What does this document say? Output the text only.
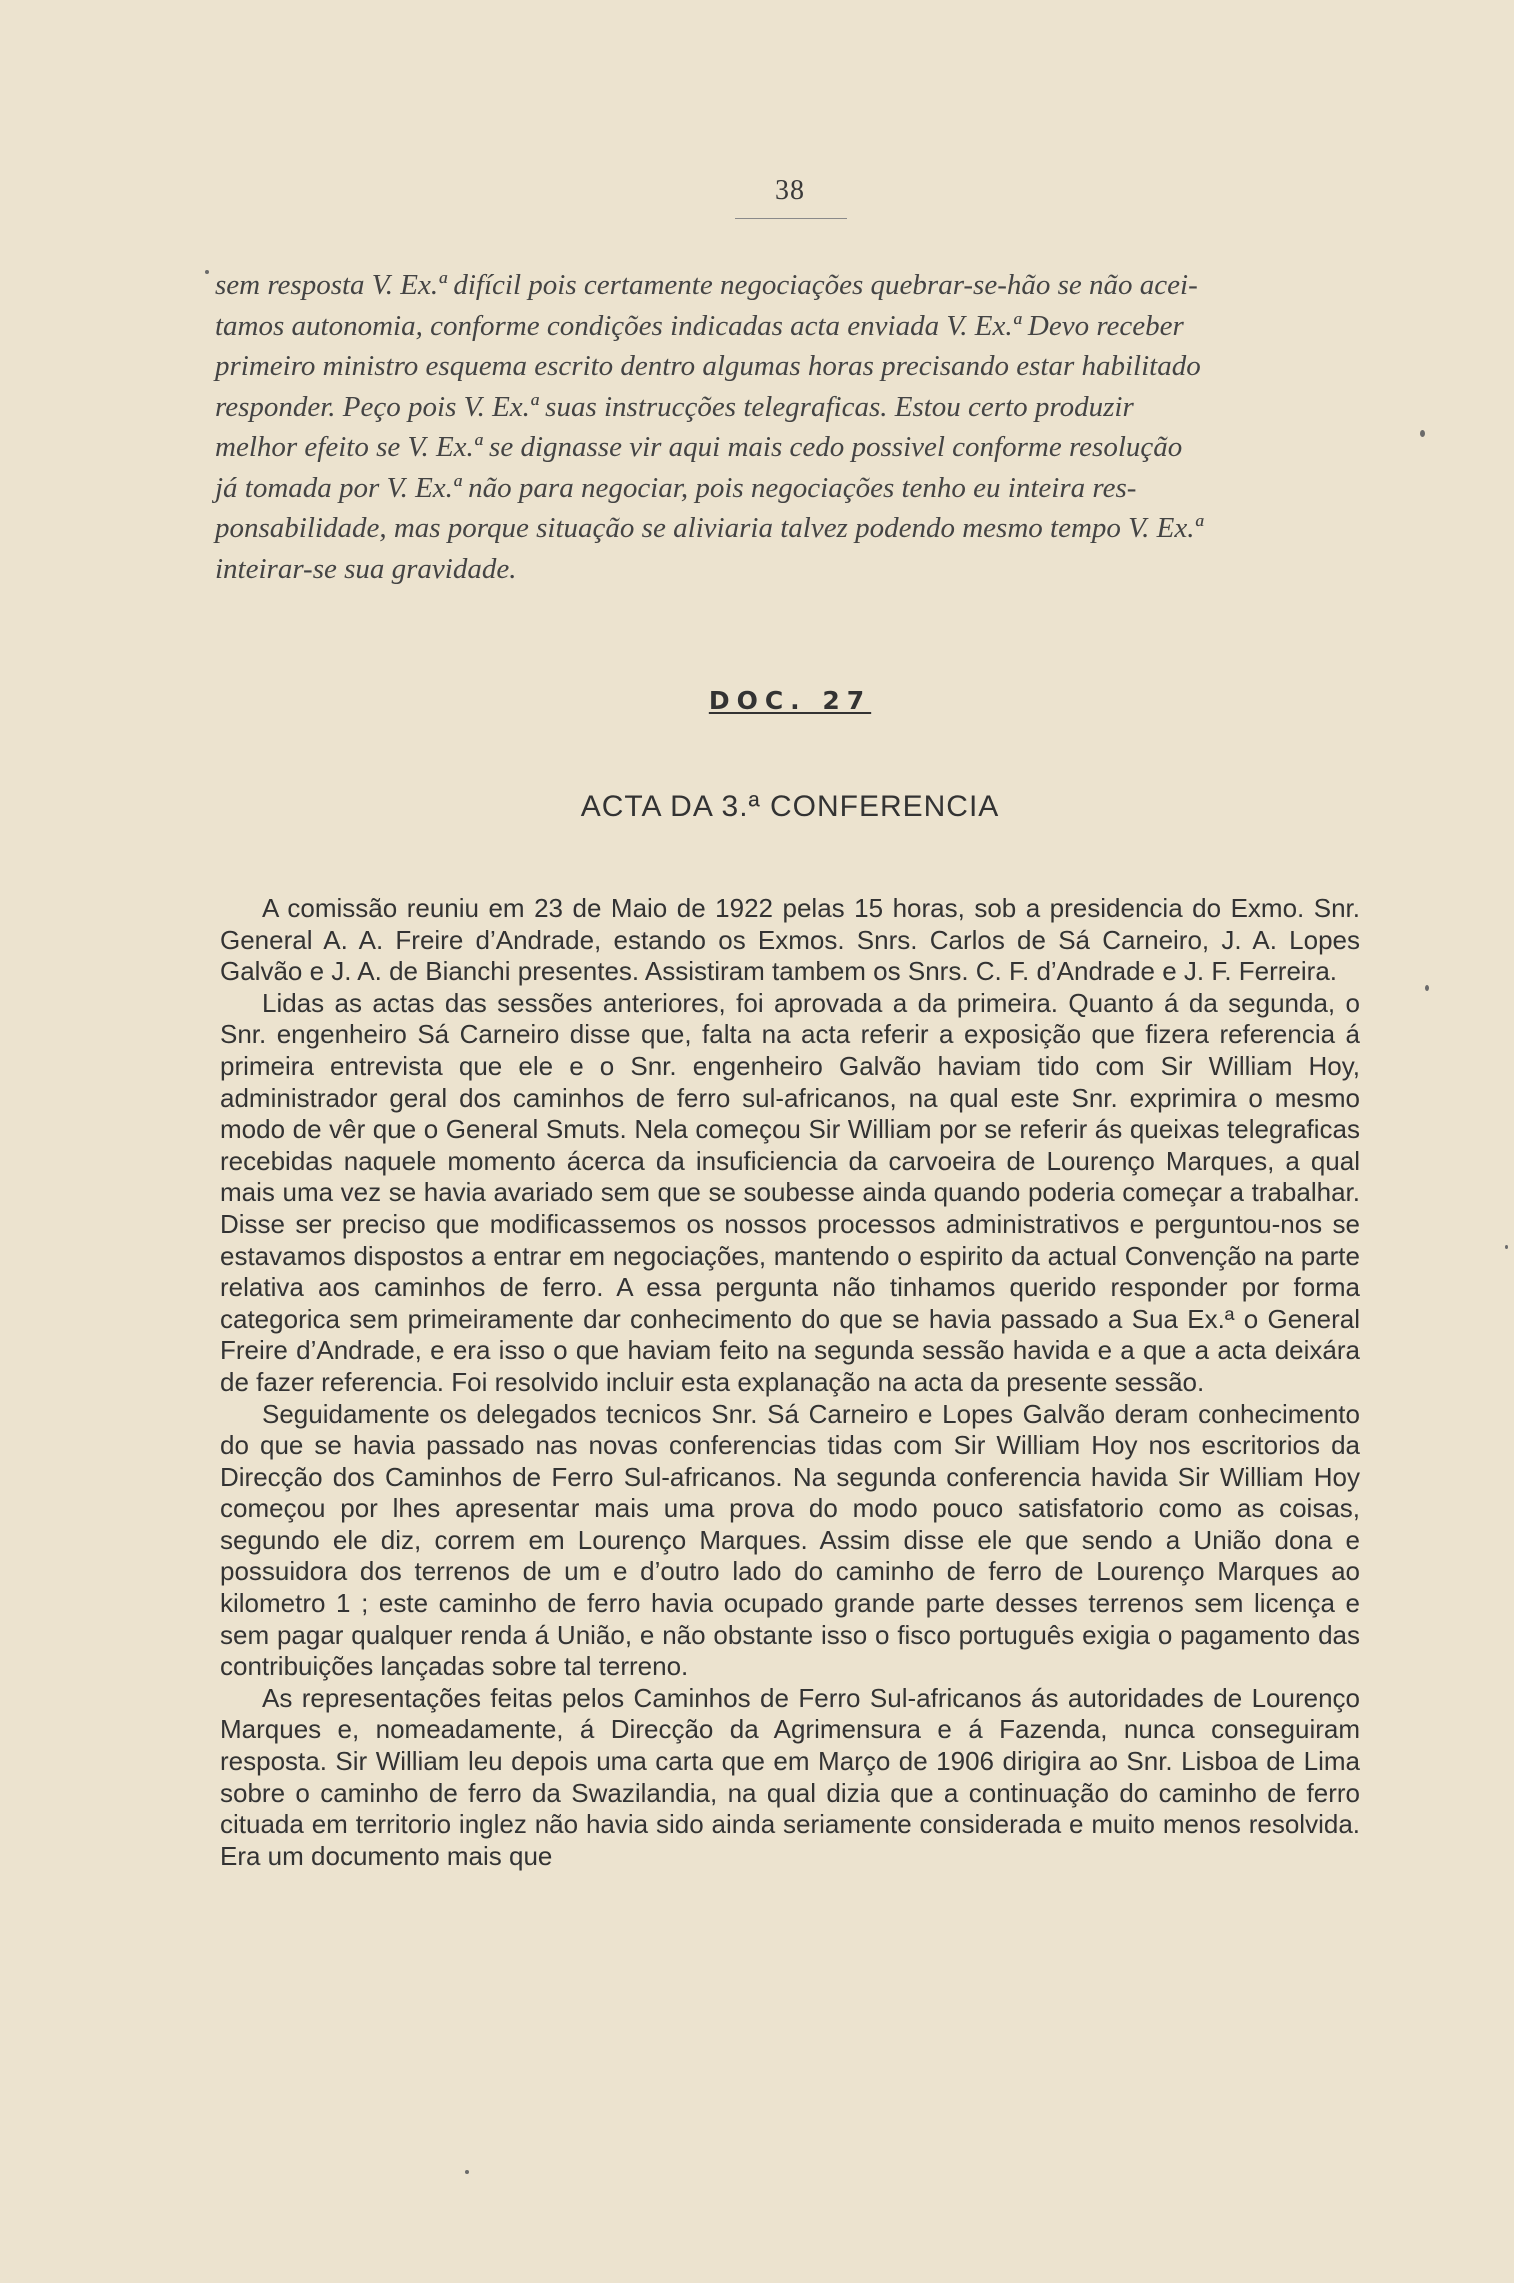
38

sem resposta V. Ex.ª difícil pois certamente negociações quebrar-se-hão se não acei-

tamos autonomia, conforme condições indicadas acta enviada V. Ex.ª Devo receber

primeiro ministro esquema escrito dentro algumas horas precisando estar habilitado

responder. Peço pois V. Ex.ª suas instrucções telegraficas. Estou certo produzir

melhor efeito se V. Ex.ª se dignasse vir aqui mais cedo possivel conforme resolução

já tomada por V. Ex.ª não para negociar, pois negociações tenho eu inteira res-

ponsabilidade, mas porque situação se aliviaria talvez podendo mesmo tempo V. Ex.ª

inteirar-se sua gravidade.

DOC. 27
ACTA DA 3.ª CONFERENCIA

A comissão reuniu em 23 de Maio de 1922 pelas 15 horas, sob a presidencia do Exmo. Snr. General A. A. Freire d’Andrade, estando os Exmos. Snrs. Carlos de Sá Carneiro, J. A. Lopes Galvão e J. A. de Bianchi presentes. Assistiram tambem os Snrs. C. F. d’Andrade e J. F. Ferreira.

Lidas as actas das sessões anteriores, foi aprovada a da primeira. Quanto á da segunda, o Snr. engenheiro Sá Carneiro disse que, falta na acta referir a exposição que fizera referencia á primeira entrevista que ele e o Snr. engenheiro Galvão haviam tido com Sir William Hoy, administrador geral dos caminhos de ferro sul-africanos, na qual este Snr. exprimira o mesmo modo de vêr que o General Smuts. Nela começou Sir William por se referir ás queixas telegraficas recebidas naquele momento ácerca da insuficiencia da carvoeira de Lourenço Marques, a qual mais uma vez se havia avariado sem que se soubesse ainda quando poderia começar a trabalhar. Disse ser preciso que modificassemos os nossos processos administrativos e perguntou-nos se estavamos dispostos a entrar em negociações, mantendo o espirito da actual Convenção na parte relativa aos caminhos de ferro. A essa pergunta não tinhamos querido responder por forma categorica sem primeiramente dar conhecimento do que se havia passado a Sua Ex.ª o General Freire d’Andrade, e era isso o que haviam feito na segunda sessão havida e a que a acta deixára de fazer referencia. Foi resolvido incluir esta explanação na acta da presente sessão.

Seguidamente os delegados tecnicos Snr. Sá Carneiro e Lopes Galvão deram conhecimento do que se havia passado nas novas conferencias tidas com Sir William Hoy nos escritorios da Direcção dos Caminhos de Ferro Sul-africanos. Na segunda conferencia havida Sir William Hoy começou por lhes apresentar mais uma prova do modo pouco satisfatorio como as coisas, segundo ele diz, correm em Lourenço Marques. Assim disse ele que sendo a União dona e possuidora dos terrenos de um e d’outro lado do caminho de ferro de Lourenço Marques ao kilometro 1 ; este caminho de ferro havia ocupado grande parte desses terrenos sem licença e sem pagar qualquer renda á União, e não obstante isso o fisco português exigia o pagamento das contribuições lançadas sobre tal terreno.

As representações feitas pelos Caminhos de Ferro Sul-africanos ás autoridades de Lourenço Marques e, nomeadamente, á Direcção da Agrimensura e á Fazenda, nunca conseguiram resposta. Sir William leu depois uma carta que em Março de 1906 dirigira ao Snr. Lisboa de Lima sobre o caminho de ferro da Swazilandia, na qual dizia que a continuação do caminho de ferro cituada em territorio inglez não havia sido ainda seriamente considerada e muito menos resolvida. Era um documento mais que
